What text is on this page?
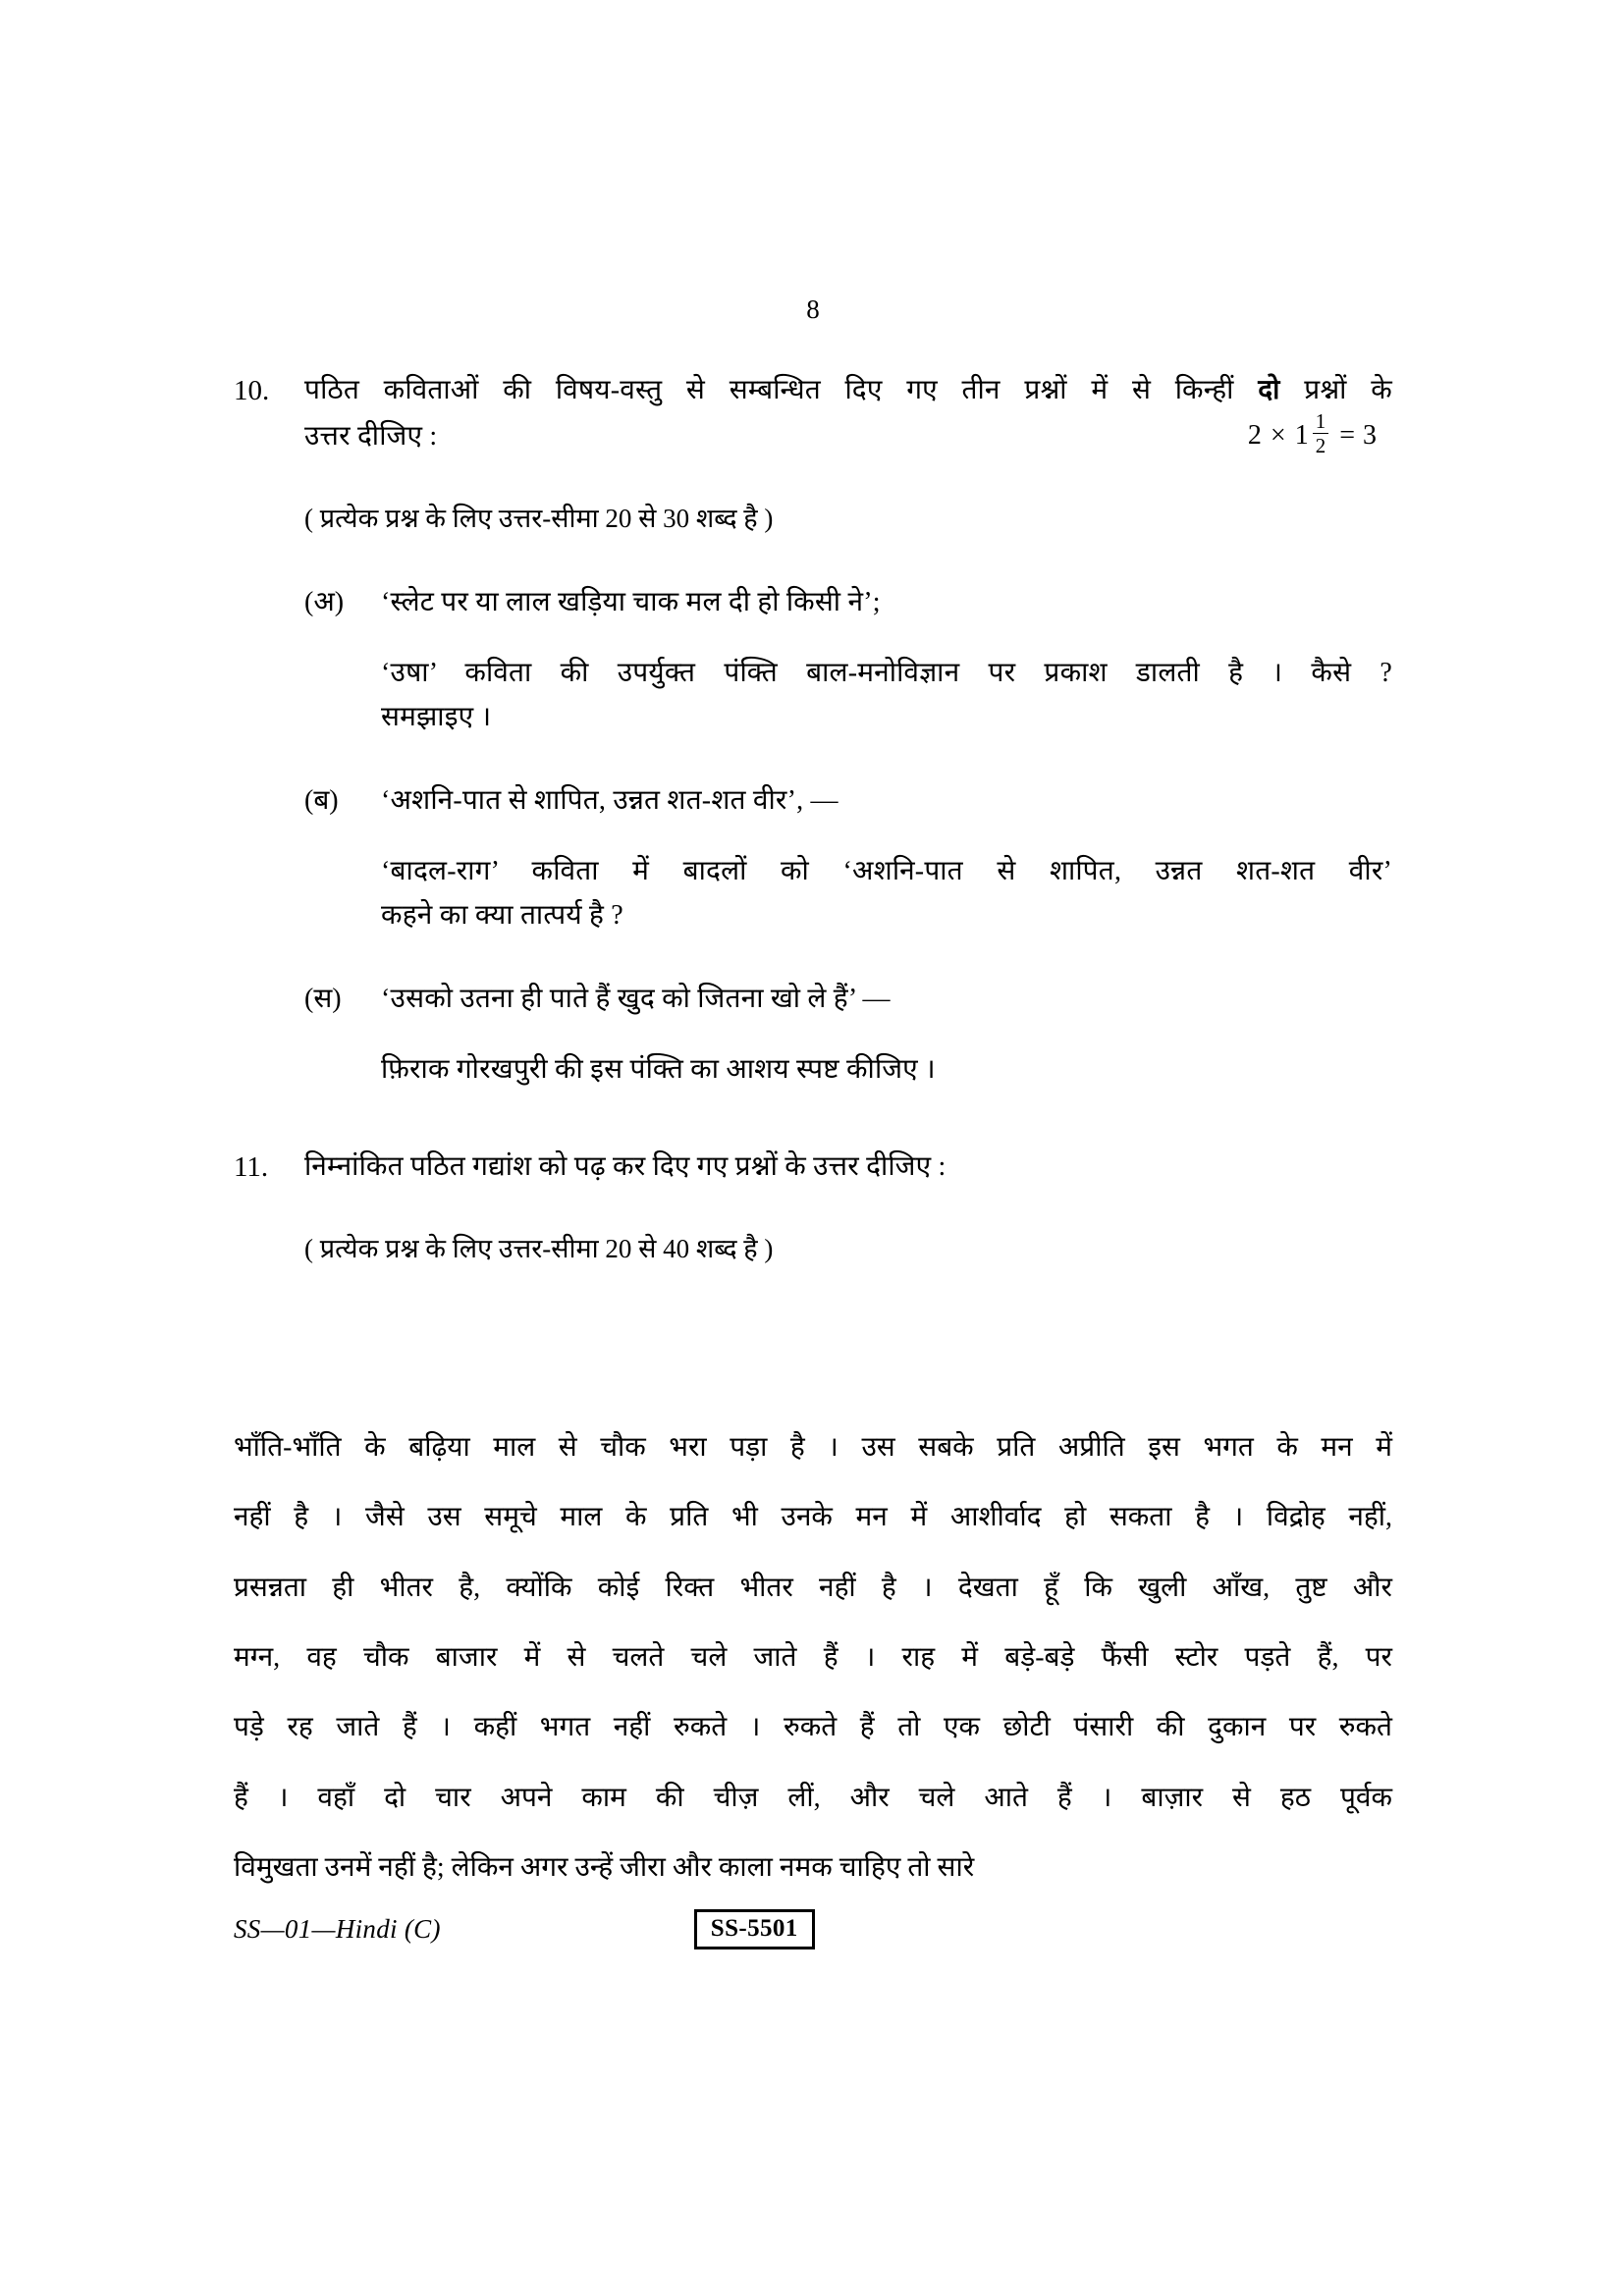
8
10.	पठित कविताओं की विषय-वस्तु से सम्बन्धित दिए गए तीन प्रश्नों में से किन्हीं दो प्रश्नों के
उत्तर दीजिए :	$2 \times 1 \frac{1}{2} = 3$
( प्रत्येक प्रश्न के लिए उत्तर-सीमा 20 से 30 शब्द है )
(अ)	‘स्लेट पर या लाल खड़िया चाक मल दी हो किसी ने’;
‘उषा’ कविता की उपर्युक्त पंक्ति बाल-मनोविज्ञान पर प्रकाश डालती है । कैसे ?
समझाइए ।
(ब)	‘अशनि-पात से शापित, उन्नत शत-शत वीर’, —
‘बादल-राग’ कविता में बादलों को ‘अशनि-पात से शापित, उन्नत शत-शत वीर’
कहने का क्या तात्पर्य है ?
(स)	‘उसको उतना ही पाते हैं खुद को जितना खो ले हैं’ —
फ़िराक गोरखपुरी की इस पंक्ति का आशय स्पष्ट कीजिए ।
11.	निम्नांकित पठित गद्यांश को पढ़ कर दिए गए प्रश्नों के उत्तर दीजिए :
( प्रत्येक प्रश्न के लिए उत्तर-सीमा 20 से 40 शब्द है )
भाँति-भाँति के बढ़िया माल से चौक भरा पड़ा है । उस सबके प्रति अप्रीति इस भगत के मन में
नहीं है । जैसे उस समूचे माल के प्रति भी उनके मन में आशीर्वाद हो सकता है । विद्रोह नहीं,
प्रसन्नता ही भीतर है, क्योंकि कोई रिक्त भीतर नहीं है । देखता हूँ कि खुली आँख, तुष्ट और
मग्न, वह चौक बाजार में से चलते चले जाते हैं । राह में बड़े-बड़े फैंसी स्टोर पड़ते हैं, पर
पड़े रह जाते हैं । कहीं भगत नहीं रुकते । रुकते हैं तो एक छोटी पंसारी की दुकान पर रुकते
हैं । वहाँ दो चार अपने काम की चीज़ लीं, और चले आते हैं । बाज़ार से हठ पूर्वक
विमुखता उनमें नहीं है; लेकिन अगर उन्हें जीरा और काला नमक चाहिए तो सारे
SS—01—Hindi (C)	SS-5501
